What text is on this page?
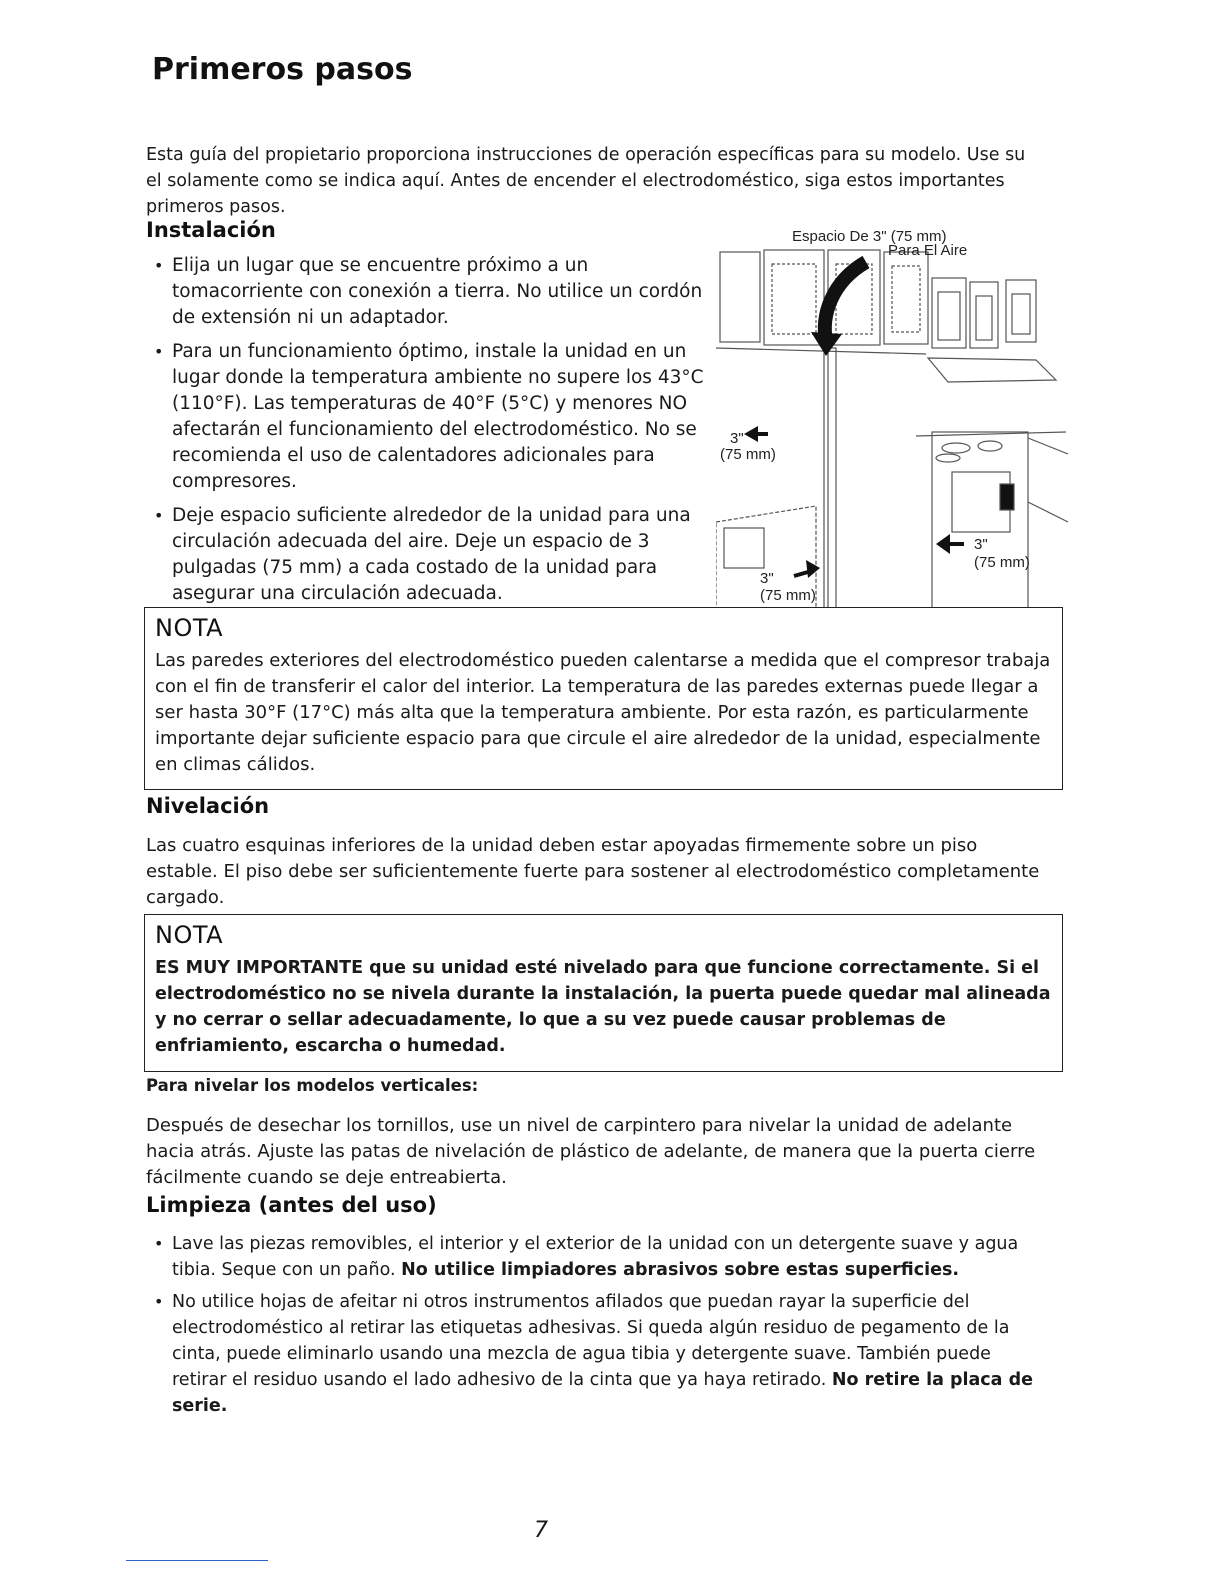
Primeros pasos

Esta guía del propietario proporciona instrucciones de operación específicas para su modelo. Use su el solamente como se indica aquí. Antes de encender el electrodoméstico, siga estos importantes primeros pasos.

Instalación
• Elija un lugar que se encuentre próximo a un tomacorriente con conexión a tierra. No utilice un cordón de extensión ni un adaptador.
• Para un funcionamiento óptimo, instale la unidad en un lugar donde la temperatura ambiente no supere los 43°C (110°F). Las temperaturas de 40°F (5°C) y menores NO afectarán el funcionamiento del electrodoméstico. No se recomienda el uso de calentadores adicionales para compresores.
• Deje espacio suficiente alrededor de la unidad para una circulación adecuada del aire. Deje un espacio de 3 pulgadas (75 mm) a cada costado de la unidad para asegurar una circulación adecuada.
Espacio De 3" (75 mm)
Para El Aire
3"
(75 mm)
3"
(75 mm)
3"
(75 mm)
NOTA

Las paredes exteriores del electrodoméstico pueden calentarse a medida que el compresor trabaja con el fin de transferir el calor del interior. La temperatura de las paredes externas puede llegar a ser hasta 30°F (17°C) más alta que la temperatura ambiente. Por esta razón, es particularmente importante dejar suficiente espacio para que circule el aire alrededor de la unidad, especialmente en climas cálidos.

Nivelación

Las cuatro esquinas inferiores de la unidad deben estar apoyadas firmemente sobre un piso estable. El piso debe ser suficientemente fuerte para sostener al electrodoméstico completamente cargado.

NOTA

ES MUY IMPORTANTE que su unidad esté nivelado para que funcione correctamente. Si el electrodoméstico no se nivela durante la instalación, la puerta puede quedar mal alineada y no cerrar o sellar adecuadamente, lo que a su vez puede causar problemas de enfriamiento, escarcha o humedad.

Para nivelar los modelos verticales:

Después de desechar los tornillos, use un nivel de carpintero para nivelar la unidad de adelante hacia atrás. Ajuste las patas de nivelación de plástico de adelante, de manera que la puerta cierre fácilmente cuando se deje entreabierta.

Limpieza (antes del uso)
• Lave las piezas removibles, el interior y el exterior de la unidad con un detergente suave y agua tibia. Seque con un paño. No utilice limpiadores abrasivos sobre estas superficies.
• No utilice hojas de afeitar ni otros instrumentos afilados que puedan rayar la superficie del electrodoméstico al retirar las etiquetas adhesivas. Si queda algún residuo de pegamento de la cinta, puede eliminarlo usando una mezcla de agua tibia y detergente suave. También puede retirar el residuo usando el lado adhesivo de la cinta que ya haya retirado. No retire la placa de serie.

7
